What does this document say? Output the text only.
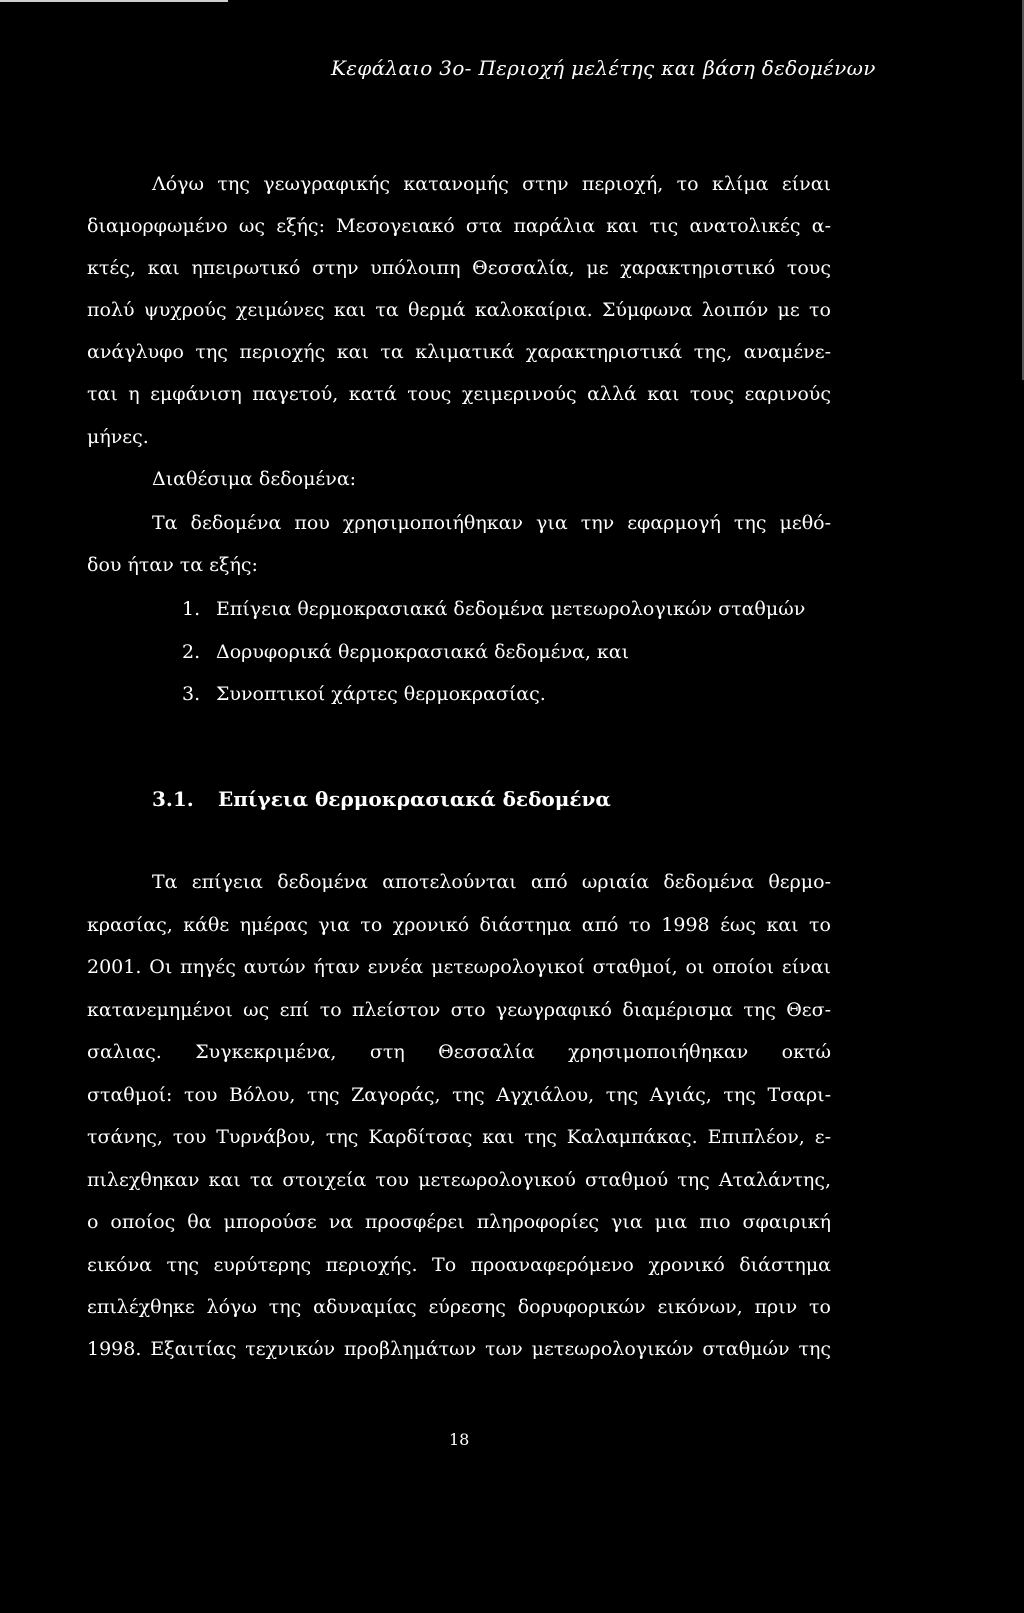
Κεφάλαιο 3ο- Περιοχή μελέτης και βάση δεδομένων
Λόγω της γεωγραφικής κατανομής στην περιοχή, το κλίμα είναι
διαμορφωμένο ως εξής: Μεσογειακό στα παράλια και τις ανατολικές α-
κτές, και ηπειρωτικό στην υπόλοιπη Θεσσαλία, με χαρακτηριστικό τους
πολύ ψυχρούς χειμώνες και τα θερμά καλοκαίρια. Σύμφωνα λοιπόν με το
ανάγλυφο της περιοχής και τα κλιματικά χαρακτηριστικά της, αναμένε-
ται η εμφάνιση παγετού, κατά τους χειμερινούς αλλά και τους εαρινούς
μήνες.
Διαθέσιμα δεδομένα:
Τα δεδομένα που χρησιμοποιήθηκαν για την εφαρμογή της μεθό-
δου ήταν τα εξής:
1. Επίγεια θερμοκρασιακά δεδομένα μετεωρολογικών σταθμών
2. Δορυφορικά θερμοκρασιακά δεδομένα, και
3. Συνοπτικοί χάρτες θερμοκρασίας.
3.1. Επίγεια θερμοκρασιακά δεδομένα
Τα επίγεια δεδομένα αποτελούνται από ωριαία δεδομένα θερμο-
κρασίας, κάθε ημέρας για το χρονικό διάστημα από το 1998 έως και το
2001. Οι πηγές αυτών ήταν εννέα μετεωρολογικοί σταθμοί, οι οποίοι είναι
κατανεμημένοι ως επί το πλείστον στο γεωγραφικό διαμέρισμα της Θεσ-
σαλιας. Συγκεκριμένα, στη Θεσσαλία χρησιμοποιήθηκαν οκτώ
σταθμοί: του Βόλου, της Ζαγοράς, της Αγχιάλου, της Αγιάς, της Τσαρι-
τσάνης, του Τυρνάβου, της Καρδίτσας και της Καλαμπάκας. Επιπλέον, ε-
πιλεχθηκαν και τα στοιχεία του μετεωρολογικού σταθμού της Αταλάντης,
ο οποίος θα μπορούσε να προσφέρει πληροφορίες για μια πιο σφαιρική
εικόνα της ευρύτερης περιοχής. Το προαναφερόμενο χρονικό διάστημα
επιλέχθηκε λόγω της αδυναμίας εύρεσης δορυφορικών εικόνων, πριν το
1998. Εξαιτίας τεχνικών προβλημάτων των μετεωρολογικών σταθμών της
18
